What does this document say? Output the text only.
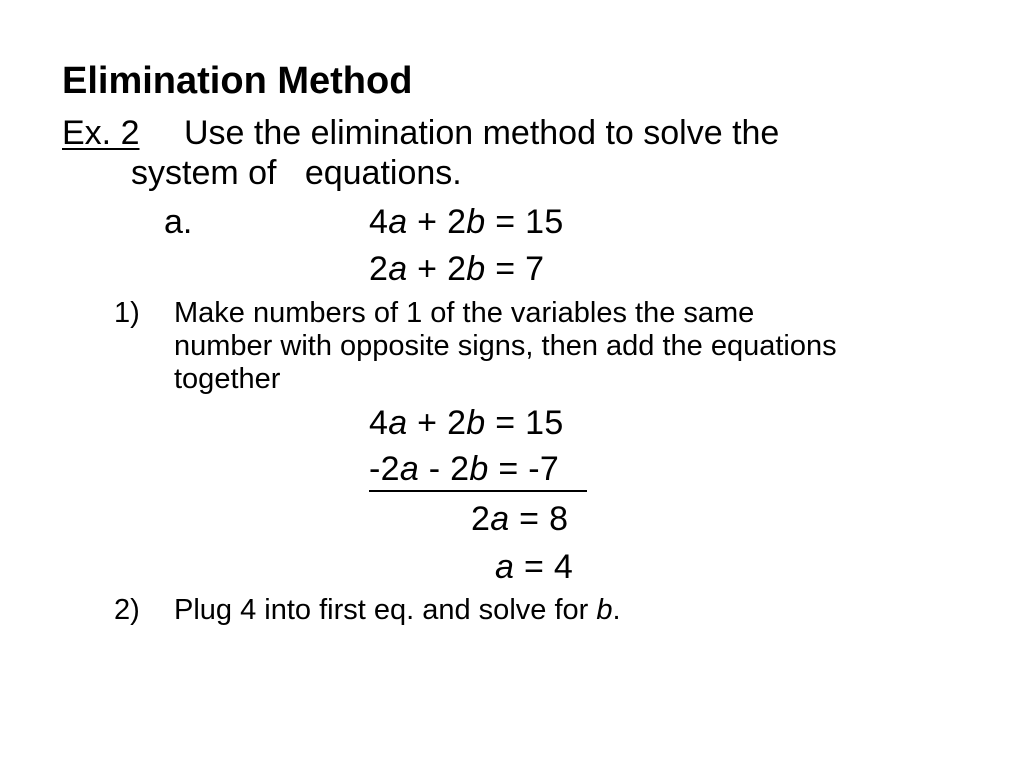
Elimination Method
Ex. 2 Use the elimination method to solve the
system of   equations.
a.	4a + 2b = 15
2a + 2b = 7
1) Make numbers of 1 of the variables the same
number with opposite signs, then add the equations
together
4a + 2b = 15
-2a - 2b = -7
2a = 8
a = 4
2) Plug 4 into first eq. and solve for b.
